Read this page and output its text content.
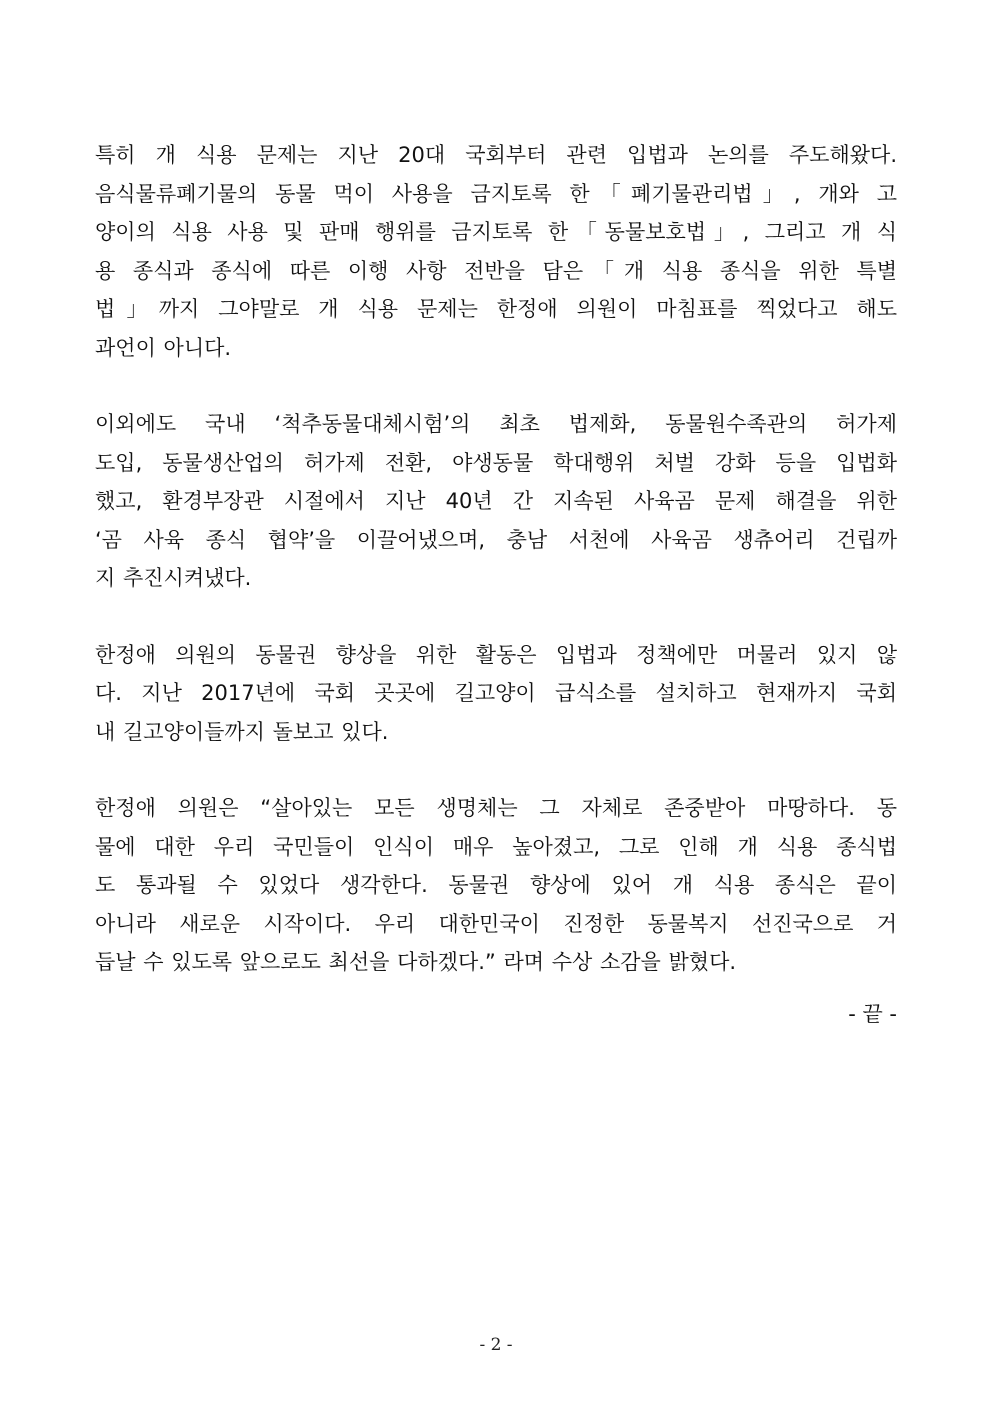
특히 개 식용 문제는 지난 20대 국회부터 관련 입법과 논의를 주도해왔다.
음식물류폐기물의 동물 먹이 사용을 금지토록 한「폐기물관리법」, 개와 고
양이의 식용 사용 및 판매 행위를 금지토록 한「동물보호법」, 그리고 개 식
용 종식과 종식에 따른 이행 사항 전반을 담은「개 식용 종식을 위한 특별
법」까지 그야말로 개 식용 문제는 한정애 의원이 마침표를 찍었다고 해도
과언이 아니다.
이외에도 국내 ‘척추동물대체시험’의 최초 법제화, 동물원수족관의 허가제
도입, 동물생산업의 허가제 전환, 야생동물 학대행위 처벌 강화 등을 입법화
했고, 환경부장관 시절에서 지난 40년 간 지속된 사육곰 문제 해결을 위한
‘곰 사육 종식 협약’을 이끌어냈으며, 충남 서천에 사육곰 생츄어리 건립까
지 추진시켜냈다.
한정애 의원의 동물권 향상을 위한 활동은 입법과 정책에만 머물러 있지 않
다. 지난 2017년에 국회 곳곳에 길고양이 급식소를 설치하고 현재까지 국회
내 길고양이들까지 돌보고 있다.
한정애 의원은 “살아있는 모든 생명체는 그 자체로 존중받아 마땅하다. 동
물에 대한 우리 국민들이 인식이 매우 높아졌고, 그로 인해 개 식용 종식법
도 통과될 수 있었다 생각한다. 동물권 향상에 있어 개 식용 종식은 끝이
아니라 새로운 시작이다. 우리 대한민국이 진정한 동물복지 선진국으로 거
듭날 수 있도록 앞으로도 최선을 다하겠다.” 라며 수상 소감을 밝혔다.
- 끝 -
- 2 -
